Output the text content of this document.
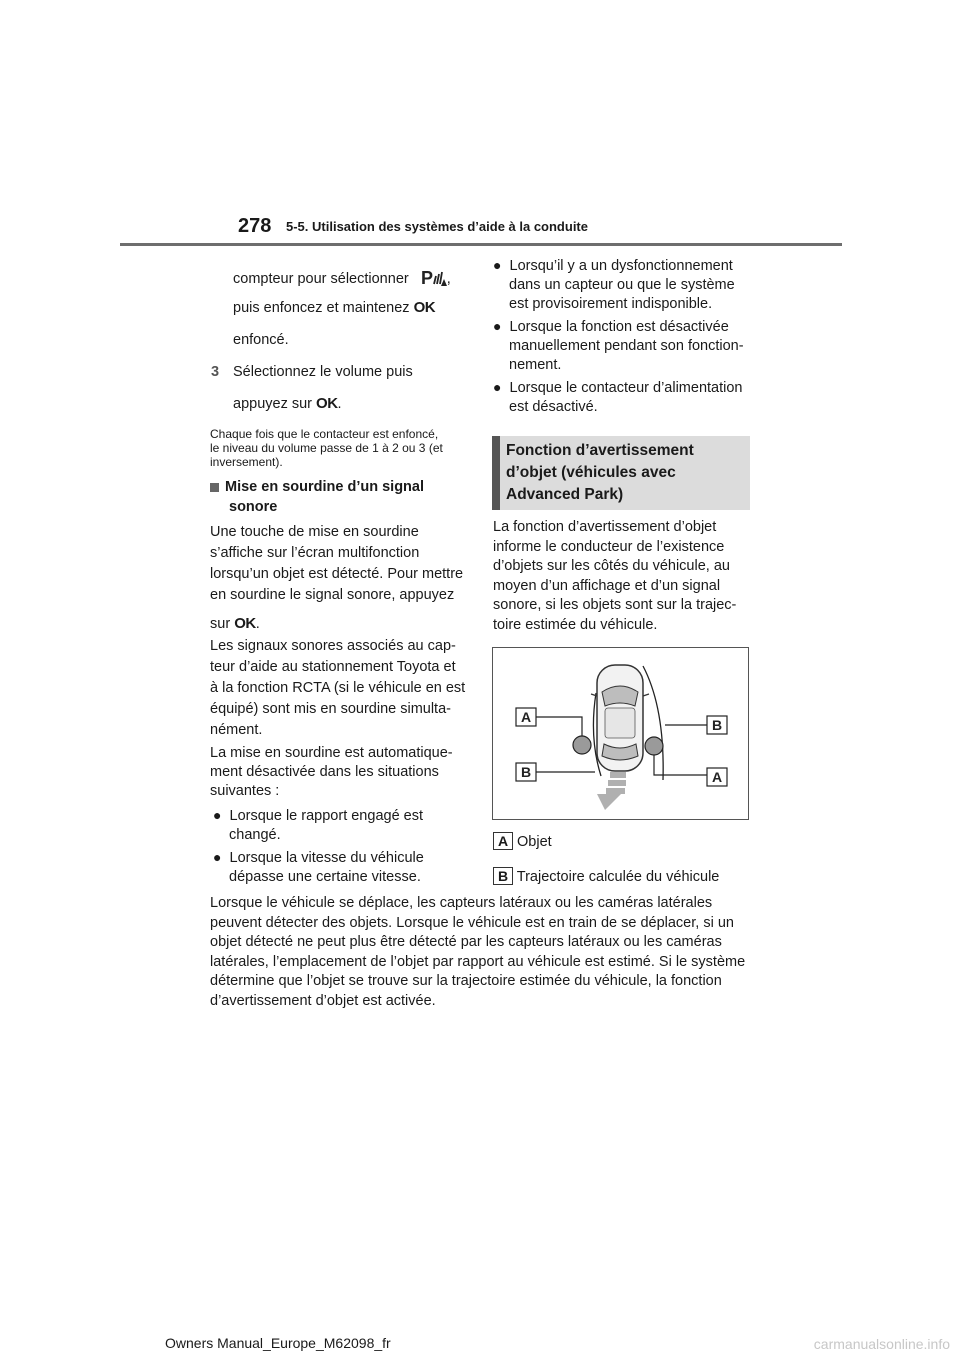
278 5-5. Utilisation des systèmes d’aide à la conduite
compteur pour sélectionner P ,
puis enfoncez et maintenez OK
enfoncé.
3 Sélectionnez le volume puis
appuyez sur OK.
Chaque fois que le contacteur est enfoncé,
le niveau du volume passe de 1 à 2 ou 3 (et
inversement).
Mise en sourdine d’un signal
sonore
Une touche de mise en sourdine
s’affiche sur l’écran multifonction
lorsqu’un objet est détecté. Pour mettre
en sourdine le signal sonore, appuyez
sur OK.
Les signaux sonores associés au cap-
teur d’aide au stationnement Toyota et
à la fonction RCTA (si le véhicule en est
équipé) sont mis en sourdine simulta-
nément.
La mise en sourdine est automatique-
ment désactivée dans les situations
suivantes :
● Lorsque le rapport engagé est
changé.
● Lorsque la vitesse du véhicule
dépasse une certaine vitesse.
● Lorsqu’il y a un dysfonctionnement
dans un capteur ou que le système
est provisoirement indisponible.
● Lorsque la fonction est désactivée
manuellement pendant son fonction-
nement.
● Lorsque le contacteur d’alimentation
est désactivé.
Fonction d’avertissement
d’objet (véhicules avec
Advanced Park)
La fonction d’avertissement d’objet
informe le conducteur de l’existence
d’objets sur les côtés du véhicule, au
moyen d’un affichage et d’un signal
sonore, si les objets sont sur la trajec-
toire estimée du véhicule.
A
B
B
A
A Objet
B Trajectoire calculée du véhicule
Lorsque le véhicule se déplace, les capteurs latéraux ou les caméras latérales
peuvent détecter des objets. Lorsque le véhicule est en train de se déplacer, si un
objet détecté ne peut plus être détecté par les capteurs latéraux ou les caméras
latérales, l’emplacement de l’objet par rapport au véhicule est estimé. Si le système
détermine que l’objet se trouve sur la trajectoire estimée du véhicule, la fonction
d’avertissement d’objet est activée.
Owners Manual_Europe_M62098_fr	carmanualsonline.info
